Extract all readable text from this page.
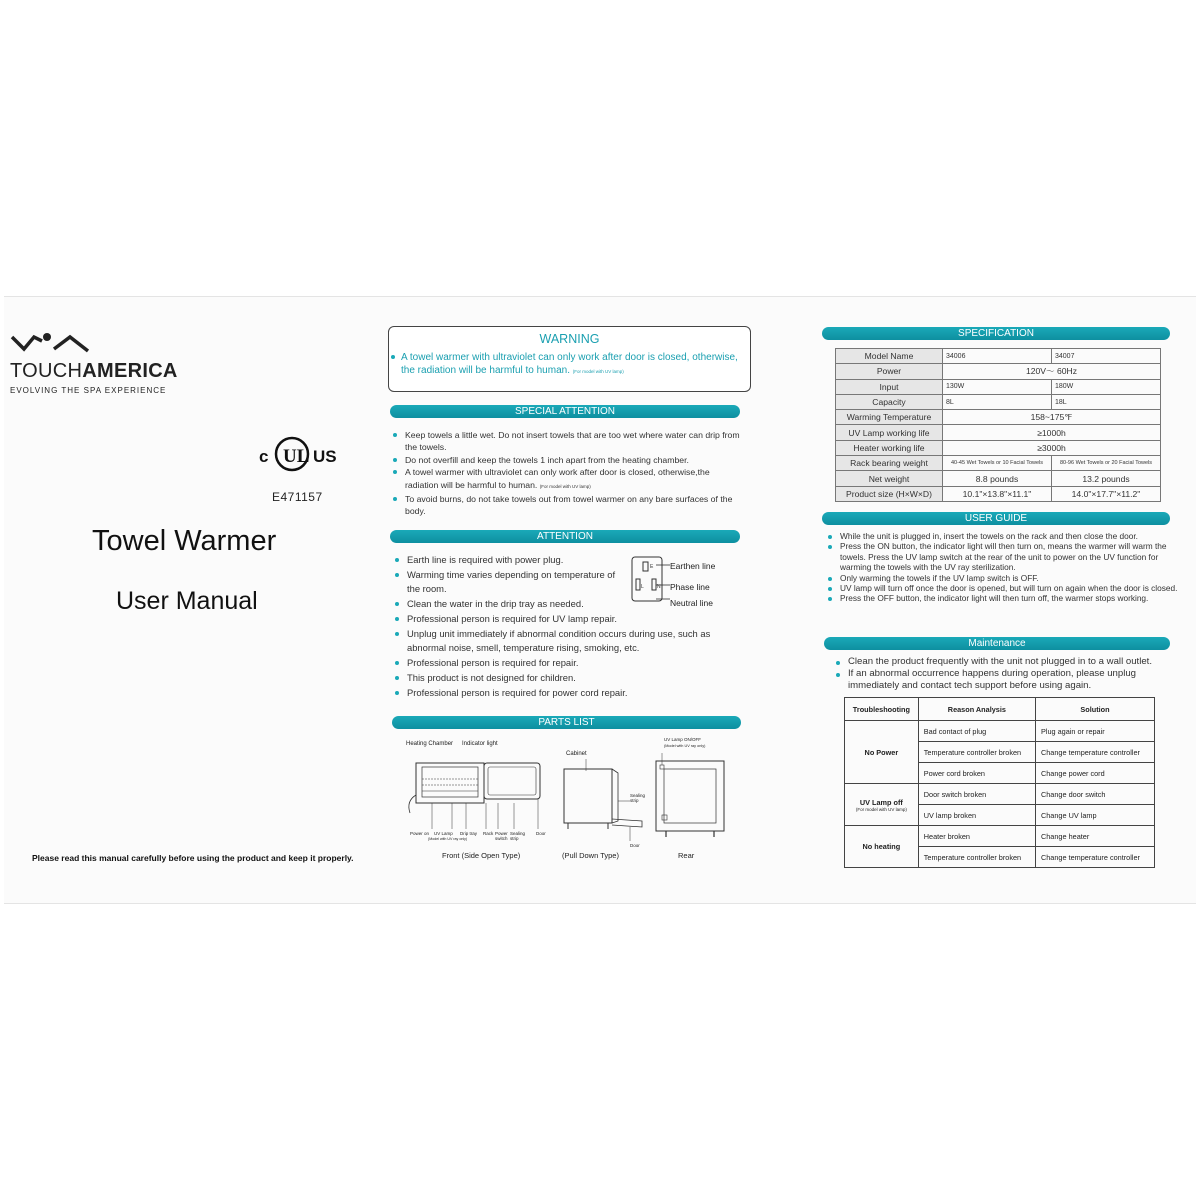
TOUCHAMERICA
EVOLVING THE SPA EXPERIENCE
c UL US
E471157
Towel Warmer
User Manual
Please read this manual carefully before using the product and keep it properly.
WARNING
A towel warmer with ultraviolet can only work after door is closed, otherwise, the radiation will be harmful to human. (For model with UV lamp)
SPECIAL ATTENTION
Keep towels a little wet. Do not insert towels that are too wet where water can drip from the towels.
Do not overfill and keep the towels 1 inch apart from the heating chamber.
A towel warmer with ultraviolet can only work after door is closed, otherwise,the radiation will be harmful to human. (For model with UV lamp)
To avoid burns, do not take towels out from towel warmer on any bare surfaces of the body.
ATTENTION
Earth line is required with power plug.
Warming time varies depending on temperature of the room.
Clean the water in the drip tray as needed.
Professional person is required for UV lamp repair.
Unplug unit immediately if abnormal condition occurs during use, such as abnormal noise, smell, temperature rising, smoking, etc.
Professional person is required for repair.
This product is not designed for children.
Professional person is required for power cord repair.
E
L	N
Earthen line
Phase line
Neutral line
PARTS LIST
Heating Chamber Indicator light
Power on UV Lamp
(Model with UV ray only)
Drip tray Rack Power switch
Sealing strip
Door
Cabinet
Sealing strip
Door
UV Lamp ON/OFF
(Model with UV ray only)
Front (Side Open Type)	(Pull Down Type)	Rear
SPECIFICATION
Model Name	34006	34007
Power	120V～ 60Hz	
Input	130W	180W
Capacity	8L	18L
Warming Temperature	158~175℉	
UV Lamp working life	≥1000h	
Heater working life	≥3000h	
Rack bearing weight	40-45 Wet Towels or 10 Facial Towels	80-96 Wet Towels or 20 Facial Towels
Net weight	8.8 pounds	13.2 pounds
Product size (H×W×D)	10.1"×13.8"×11.1"	14.0"×17.7"×11.2"
USER GUIDE
While the unit is plugged in, insert the towels on the rack and then close the door.
Press the ON button, the indicator light will then turn on, means the warmer will warm the towels. Press the UV lamp switch at the rear of the unit to power on the UV function for warming the towels with the UV ray sterilization.
Only warming the towels if the UV lamp switch is OFF.
UV lamp will turn off once the door is opened, but will turn on again when the door is closed.
Press the OFF button, the indicator light will then turn off, the warmer stops working.
Maintenance
Clean the product frequently with the unit not plugged in to a wall outlet.
If an abnormal occurrence happens during operation, please unplug immediately and contact tech support before using again.
Troubleshooting	Reason Analysis	Solution
No Power	Bad contact of plug	Plug again or repair
	Temperature controller broken	Change temperature controller
	Power cord broken	Change power cord
UV Lamp off
(For model with UV lamp)	Door switch broken	Change door switch
	UV lamp broken	Change UV lamp
No heating	Heater broken	Change heater
	Temperature controller broken	Change temperature controller
